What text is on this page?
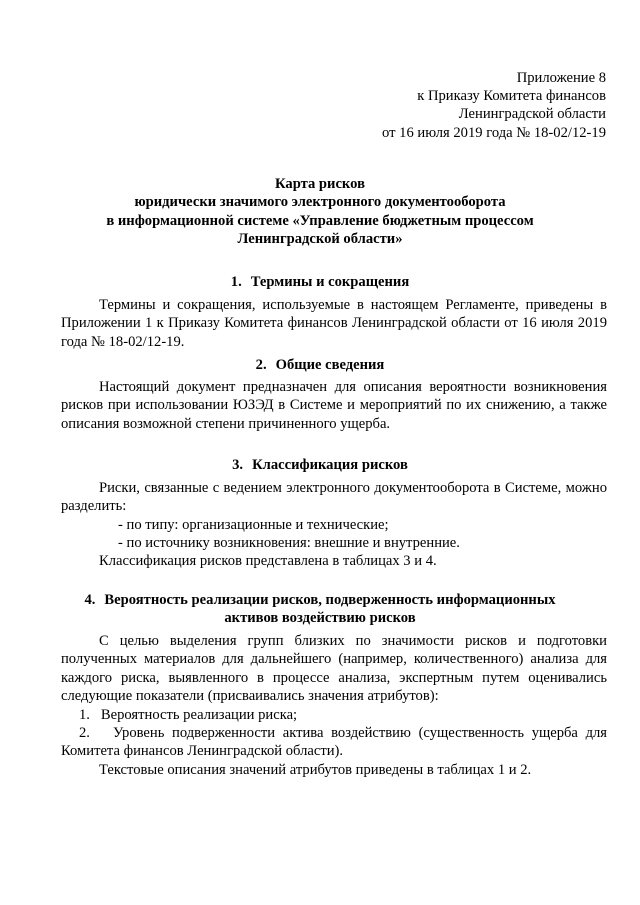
Приложение 8
к Приказу Комитета финансов
Ленинградской области
от 16 июля 2019 года № 18-02/12-19
Карта рисков
юридически значимого электронного документооборота
в информационной системе «Управление бюджетным процессом
Ленинградской области»
1. Термины и сокращения
Термины и сокращения, используемые в настоящем Регламенте, приведены в Приложении 1 к Приказу Комитета финансов Ленинградской области от 16 июля 2019 года № 18-02/12-19.
2. Общие сведения
Настоящий документ предназначен для описания вероятности возникновения рисков при использовании ЮЗЭД в Системе и мероприятий по их снижению, а также описания возможной степени причиненного ущерба.
3. Классификация рисков
Риски, связанные с ведением электронного документооборота в Системе, можно разделить:
- по типу: организационные и технические;
- по источнику возникновения: внешние и внутренние.
Классификация рисков представлена в таблицах 3 и 4.
4. Вероятность реализации рисков, подверженность информационных
активов воздействию рисков
С целью выделения групп близких по значимости рисков и подготовки полученных материалов для дальнейшего (например, количественного) анализа для каждого риска, выявленного в процессе анализа, экспертным путем оценивались следующие показатели (присваивались значения атрибутов):
1. Вероятность реализации риска;
2. Уровень подверженности актива воздействию (существенность ущерба для Комитета финансов Ленинградской области).
Текстовые описания значений атрибутов приведены в таблицах 1 и 2.
